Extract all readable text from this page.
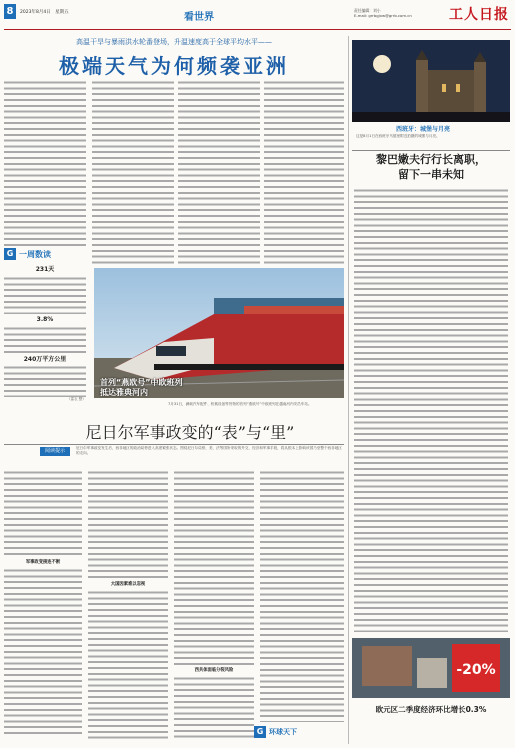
8	2023年8月4日　星期五	看世界
责任编辑：刘小
E-mail: grrbgjxw@grrb.com.cn	工人日报
高温干旱与暴雨洪水轮番登场，升温速度高于全球平均水平——
极端天气为何频袭亚洲
G 一周数读
231天
3.8%
240万平方公里
（雷衣 整）
首列“燕欧号”中欧班列
抵达雅典河内
7月31日，满载汽车配件、机械设备等货物的首列“燕欧号”中欧班列在越南河内安员车站。
尼日尔军事政变的“表”与“里”
阅读提示	尼日尔军事政变发生后，西非地区的政治局势进入高度紧张状态。围绕尼日尔局势，美、法等国所采取的外交、经济和军事手段，将从根本上影响该国乃至整个西非地区的走向。
军事政变接连不断
大国因素难以忽视
西共体面临分裂风险
G 环球天下
西班牙：城堡与月亮
这是8月1日在西班牙马德里附近拍摄的城堡与月亮。
黎巴嫩夫行行长离职，
留下一串未知
-20%
欧元区二季度经济环比增长0.3%
